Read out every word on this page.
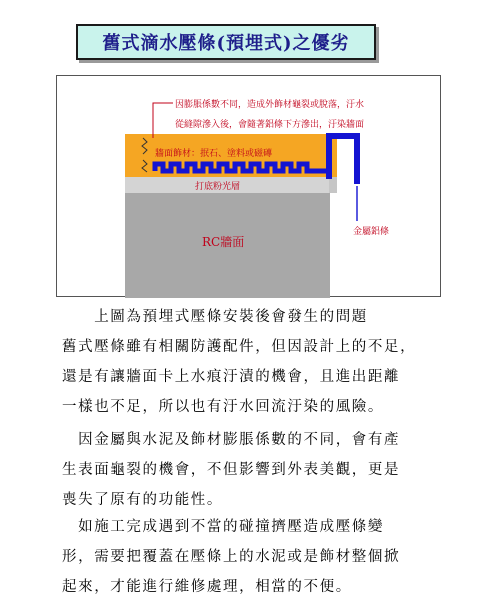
舊式滴水壓條(預埋式)之優劣
因膨脹係數不同，造成外飾材龜裂或脫落，汙水
從縫隙滲入後，會隨著鋁條下方滲出，汙染牆面
牆面飾材：抿石、塗料或磁磚
打底粉光層
RC牆面
金屬鋁條
　　上圖為預埋式壓條安裝後會發生的問題
舊式壓條雖有相關防護配件，但因設計上的不足，
還是有讓牆面卡上水痕汙漬的機會，且進出距離
一樣也不足，所以也有汙水回流汙染的風險。
　因金屬與水泥及飾材膨脹係數的不同，會有產
生表面龜裂的機會，不但影響到外表美觀，更是
喪失了原有的功能性。
　如施工完成遇到不當的碰撞擠壓造成壓條變
形，需要把覆蓋在壓條上的水泥或是飾材整個掀
起來，才能進行維修處理，相當的不便。
